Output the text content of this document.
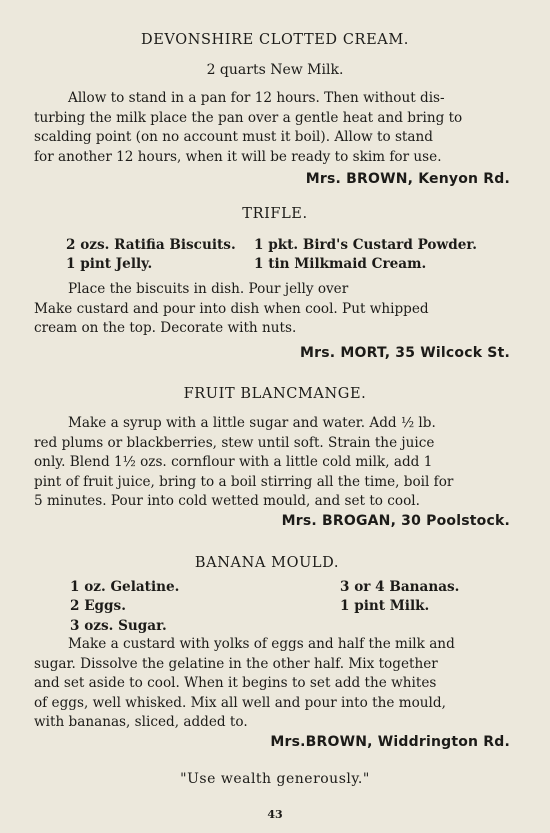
DEVONSHIRE CLOTTED CREAM.
2 quarts New Milk.
Allow to stand in a pan for 12 hours. Then without dis-
turbing the milk place the pan over a gentle heat and bring to
scalding point (on no account must it boil). Allow to stand
for another 12 hours, when it will be ready to skim for use.
Mrs. BROWN, Kenyon Rd.
TRIFLE.
2 ozs. Ratifia Biscuits.
1 pint Jelly.
1 pkt. Bird's Custard Powder.
1 tin Milkmaid Cream.
Place the biscuits in dish. Pour jelly over
Make custard and pour into dish when cool. Put whipped
cream on the top. Decorate with nuts.
Mrs. MORT, 35 Wilcock St.
FRUIT BLANCMANGE.
Make a syrup with a little sugar and water. Add ½ lb.
red plums or blackberries, stew until soft. Strain the juice
only. Blend 1½ ozs. cornflour with a little cold milk, add 1
pint of fruit juice, bring to a boil stirring all the time, boil for
5 minutes. Pour into cold wetted mould, and set to cool.
Mrs. BROGAN, 30 Poolstock.
BANANA MOULD.
1 oz. Gelatine.
2 Eggs.
3 ozs. Sugar.
3 or 4 Bananas.
1 pint Milk.
Make a custard with yolks of eggs and half the milk and
sugar. Dissolve the gelatine in the other half. Mix together
and set aside to cool. When it begins to set add the whites
of eggs, well whisked. Mix all well and pour into the mould,
with bananas, sliced, added to.
Mrs.BROWN, Widdrington Rd.
"Use wealth generously."
43
